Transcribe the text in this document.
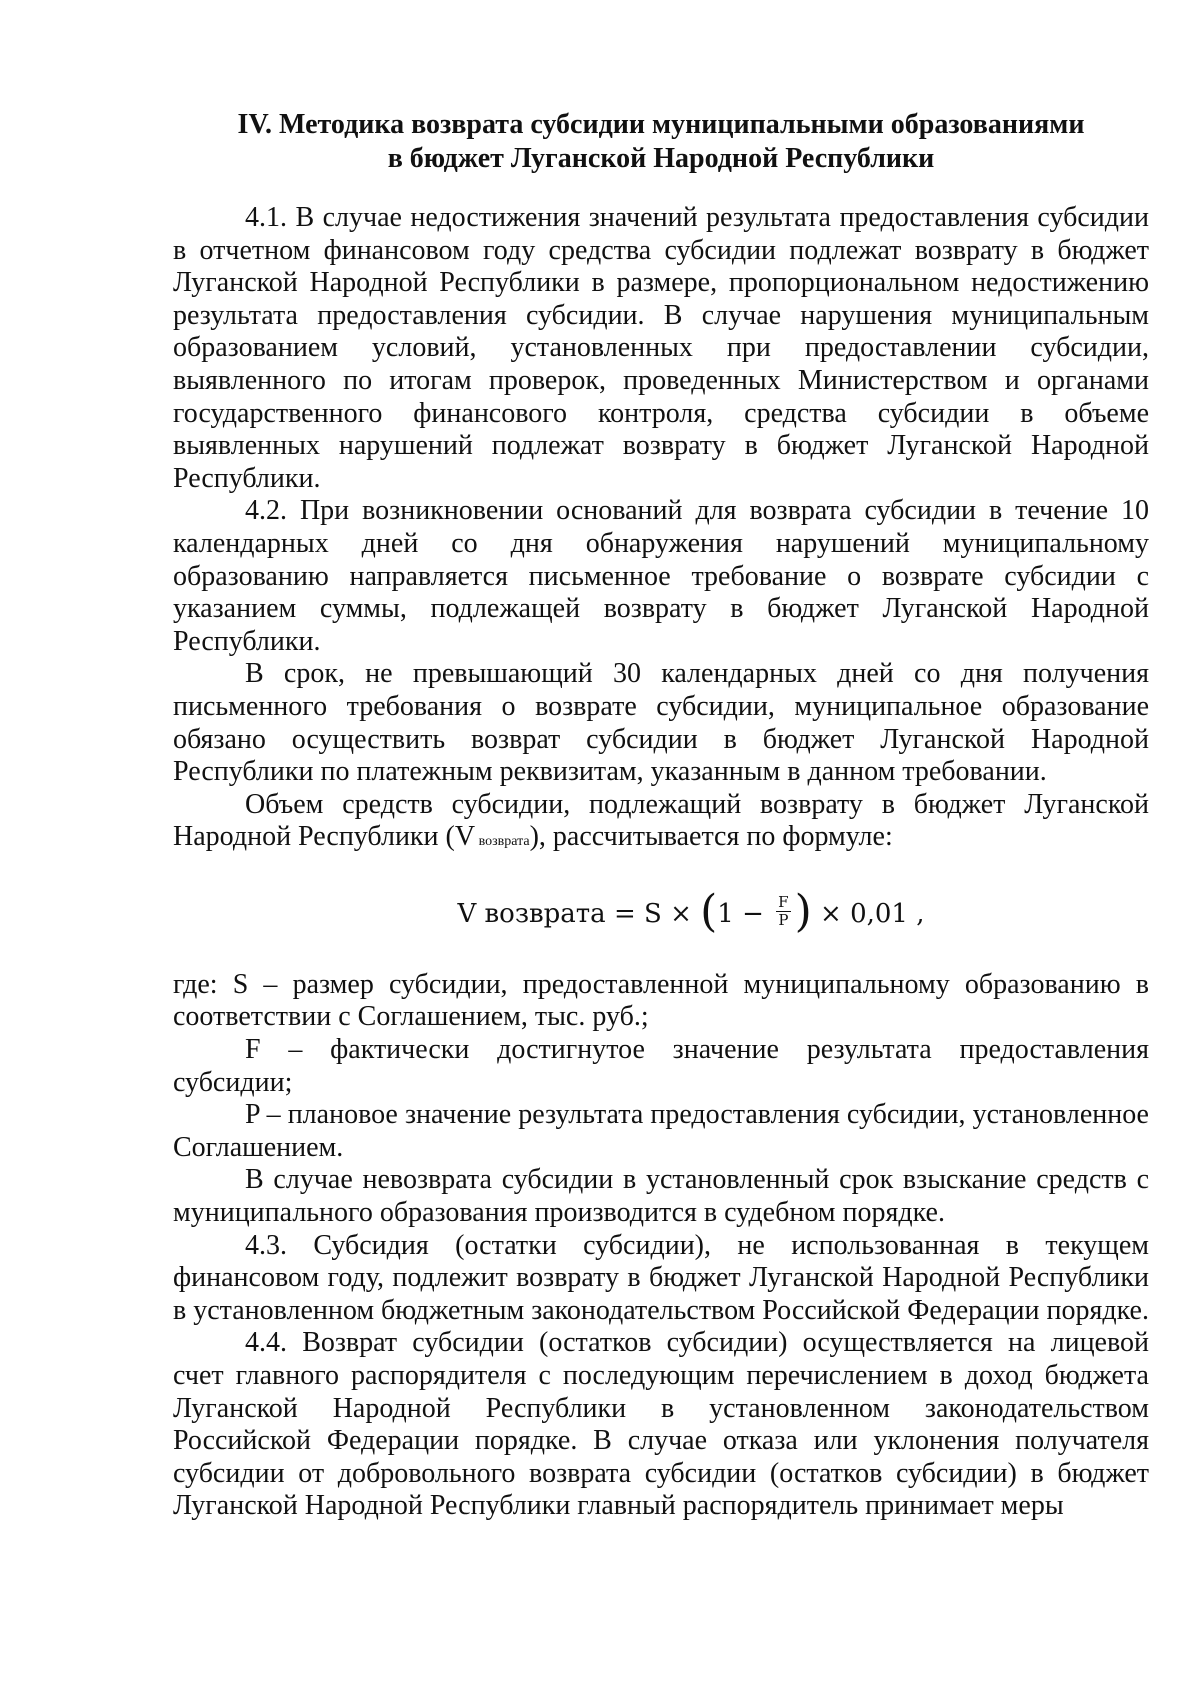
IV. Методика возврата субсидии муниципальными образованиями
в бюджет Луганской Народной Республики

4.1. В случае недостижения значений результата предоставления субсидии в отчетном финансовом году средства субсидии подлежат возврату в бюджет Луганской Народной Республики в размере, пропорциональном недостижению результата предоставления субсидии. В случае нарушения муниципальным образованием условий, установленных при предоставлении субсидии, выявленного по итогам проверок, проведенных Министерством и органами государственного финансового контроля, средства субсидии в объеме выявленных нарушений подлежат возврату в бюджет Луганской Народной Республики.

4.2. При возникновении оснований для возврата субсидии в течение 10 календарных дней со дня обнаружения нарушений муниципальному образованию направляется письменное требование о возврате субсидии с указанием суммы, подлежащей возврату в бюджет Луганской Народной Республики.

В срок, не превышающий 30 календарных дней со дня получения письменного требования о возврате субсидии, муниципальное образование обязано осуществить возврат субсидии в бюджет Луганской Народной Республики по платежным реквизитам, указанным в данном требовании.

Объем средств субсидии, подлежащий возврату в бюджет Луганской Народной Республики (V возврата), рассчитывается по формуле:

V возврата = $S \times (1 - \frac{F}{P}$ ) × 0,01 ,

где: S – размер субсидии, предоставленной муниципальному образованию в соответствии с Соглашением, тыс. руб.;

F – фактически достигнутое значение результата предоставления субсидии;

P – плановое значение результата предоставления субсидии, установленное Соглашением.

В случае невозврата субсидии в установленный срок взыскание средств с муниципального образования производится в судебном порядке.

4.3. Субсидия (остатки субсидии), не использованная в текущем финансовом году, подлежит возврату в бюджет Луганской Народной Республики в установленном бюджетным законодательством Российской Федерации порядке.

4.4. Возврат субсидии (остатков субсидии) осуществляется на лицевой счет главного распорядителя с последующим перечислением в доход бюджета Луганской Народной Республики в установленном законодательством Российской Федерации порядке. В случае отказа или уклонения получателя субсидии от добровольного возврата субсидии (остатков субсидии) в бюджет Луганской Народной Республики главный распорядитель принимает меры
